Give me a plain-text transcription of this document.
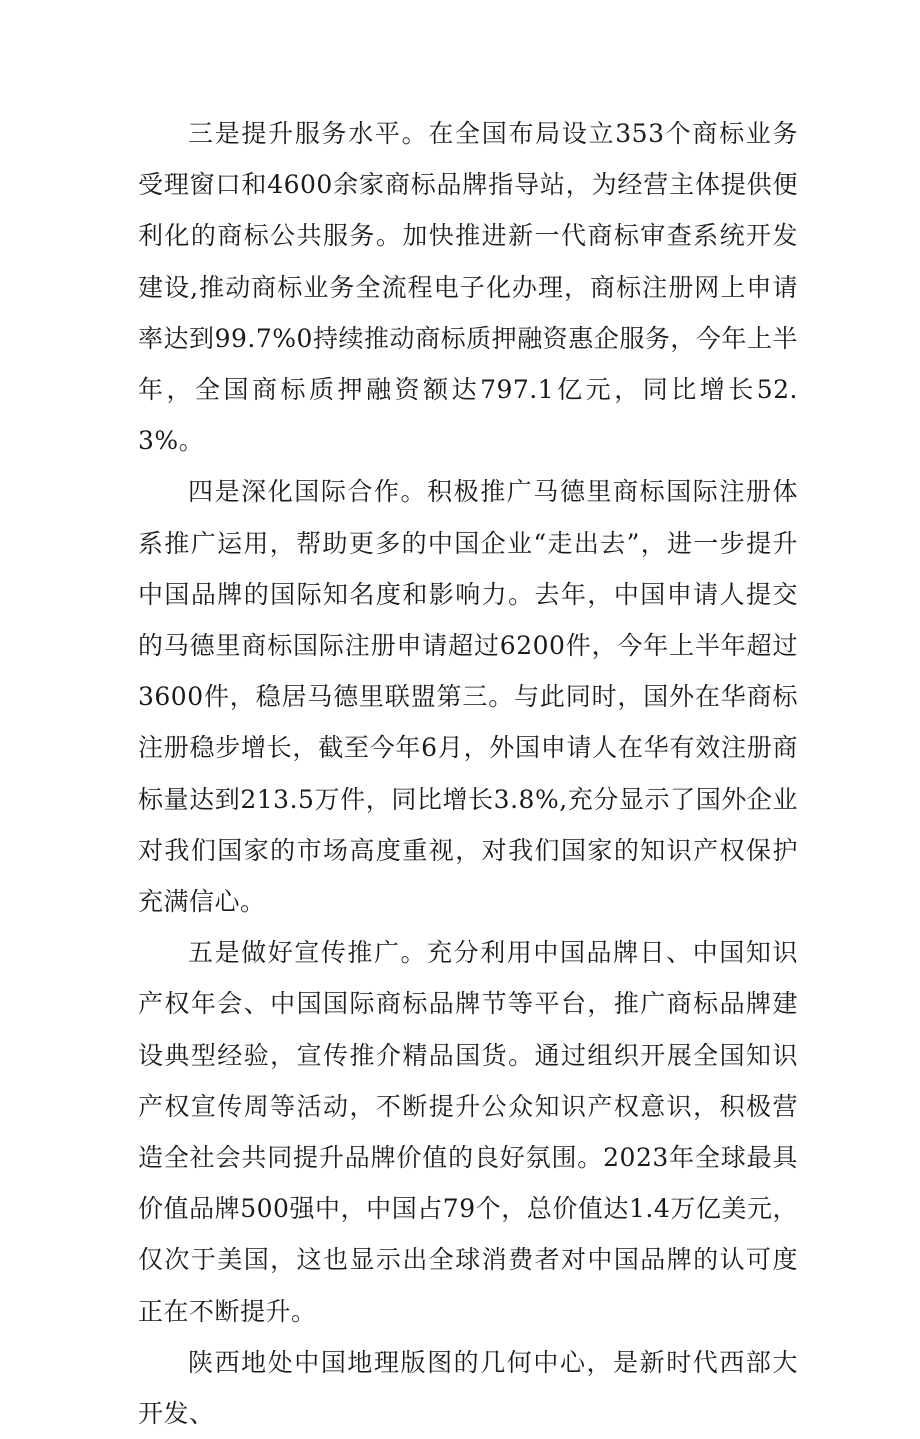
三是提升服务水平。在全国布局设立353个商标业务受理窗口和4600余家商标品牌指导站，为经营主体提供便利化的商标公共服务。加快推进新一代商标审查系统开发建设,推动商标业务全流程电子化办理，商标注册网上申请率达到99.7%0持续推动商标质押融资惠企服务，今年上半年，全国商标质押融资额达797.1亿元，同比增长52.3%。

四是深化国际合作。积极推广马德里商标国际注册体系推广运用，帮助更多的中国企业“走出去”，进一步提升中国品牌的国际知名度和影响力。去年，中国申请人提交的马德里商标国际注册申请超过6200件，今年上半年超过3600件，稳居马德里联盟第三。与此同时，国外在华商标注册稳步增长，截至今年6月，外国申请人在华有效注册商标量达到213.5万件，同比增长3.8%,充分显示了国外企业对我们国家的市场高度重视，对我们国家的知识产权保护充满信心。

五是做好宣传推广。充分利用中国品牌日、中国知识产权年会、中国国际商标品牌节等平台，推广商标品牌建设典型经验，宣传推介精品国货。通过组织开展全国知识产权宣传周等活动，不断提升公众知识产权意识，积极营造全社会共同提升品牌价值的良好氛围。2023年全球最具价值品牌500强中，中国占79个，总价值达1.4万亿美元，仅次于美国，这也显示出全球消费者对中国品牌的认可度正在不断提升。

陕西地处中国地理版图的几何中心，是新时代西部大开发、
